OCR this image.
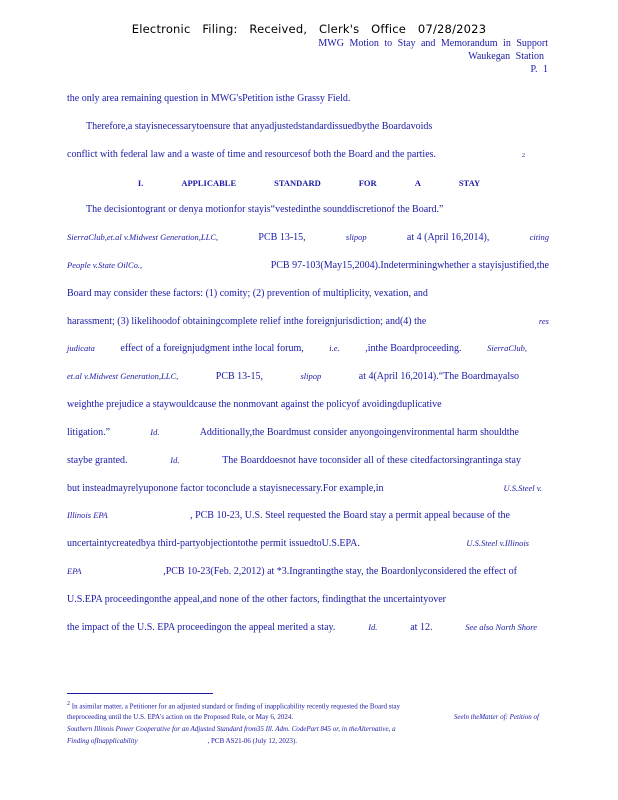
Electronic Filing: Received, Clerk's Office 07/28/2023
MWG Motion to Stay and Memorandum in Support
Waukegan Station
P. 1
the only area remaining question in MWG'sPetition isthe Grassy Field.
Therefore,a stayisnecessarytoensure that anyadjustedstandardissuedbythe Boardavoids
conflict with federal law and a waste of time and resourcesof both the Board and the parties.	2
I.	APPLICABLE	STANDARD	FOR	A	STAY
The decisiontogrant or denya motionfor stayis“vestedinthe sounddiscretionof the Board.”
SierraClub,et.al v.Midwest Generation,LLC,	PCB 13-15,	slipop	at 4 (April 16,2014),	citing
People v.State OilCo.,	PCB 97-103(May15,2004).Indeterminingwhether a stayisjustified,the
Board may consider these factors: (1) comity; (2) prevention of multiplicity, vexation, and
harassment; (3) likelihoodof obtainingcomplete relief inthe foreignjurisdiction; and(4) the	res
judicata	effect of a foreignjudgment inthe local forum,	i.e.	,inthe Boardproceeding.	SierraClub,
et.al v.Midwest Generation,LLC,	PCB 13-15,	slipop	at 4(April 16,2014).“The Boardmayalso
weighthe prejudice a staywouldcause the nonmovant against the policyof avoidingduplicative
litigation.”	Id.	Additionally,the Boardmust consider anyongoingenvironmental harm shouldthe
staybe granted.	Id.	The Boarddoesnot have toconsider all of these citedfactorsingrantinga stay
but insteadmayrelyuponone factor toconclude a stayisnecessary.For example,in	U.S.Steel v.
Illinois EPA	, PCB 10-23, U.S. Steel requested the Board stay a permit appeal because of the
uncertaintycreatedbya third-partyobjectiontothe permit issuedtoU.S.EPA.	U.S.Steel v.Illinois
EPA	,PCB 10-23(Feb. 2,2012) at *3.Ingrantingthe stay, the Boardonlyconsidered the effect of
U.S.EPA proceedingonthe appeal,and none of the other factors, findingthat the uncertaintyover
the impact of the U.S. EPA proceedingon the appeal merited a stay.	Id.	at 12.	See also North Shore
2 In asimilar matter, a Petitioner for an adjusted standard or finding of inapplicability recently requested the Board stay
theproceeding until the U.S. EPA's action on the Proposed Rule, or May 6, 2024.	Seeln theMatter of: Petition of
Southern Illinois Power Cooperative for an Adjusted Standard from35 Ill. Adm. CodePart 845 or, in theAlternative, a
Finding ofInapplicability	, PCB AS21-06 (July 12, 2023).
